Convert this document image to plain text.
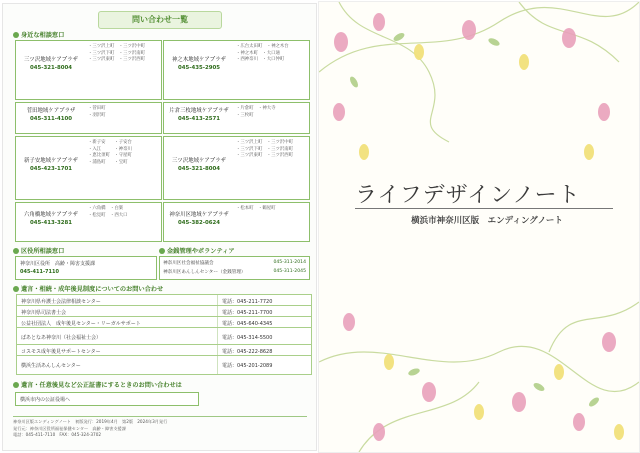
問い合わせ一覧
身近な相談窓口
三ツ沢地域ケアプラザ
045-321-8004
・三ツ沢上町　・三ツ沢中町
・三ツ沢下町　・三ツ沢南町
・三ツ沢東町　・三ツ沢西町	神之木地域ケアプラザ
045-435-2905
・広台太田町　・神之木台
・神之木町　・大口通
・西神奈川　・大口仲町
菅田地域ケアプラザ
045-311-4100
・菅田町
・羽沢町
片倉三枚地域ケアプラザ
045-413-2571
・片倉町　・神大寺
・三枚町
新子安地域ケアプラザ
045-423-1701
・新子安　　・子安台
・入江　　　・神奈川
・恵比須町　・守屋町
・浦島町　　・宝町	三ツ沢地域ケアプラザ
045-321-8004
・三ツ沢上町　・三ツ沢中町
・三ツ沢下町　・三ツ沢南町
・三ツ沢東町　・三ツ沢西町
六角橋地域ケアプラザ
045-413-3281
・六角橋　・白楽
・松見町　・西大口	神奈川区地域ケアプラザ
045-382-0624
・松本町　・鶴屋町
区役所相談窓口	金銭管理やボランティア
神奈川区役所　高齢・障害支援課
045-411-7110
神奈川区社会福祉協議会	045-311-2014
神奈川区あんしんセンター（金銭管理）	045-311-2045
遺言・相続・成年後見制度についてのお問い合わせ
神奈川県弁護士会法律相談センター	電話：045-211-7720
神奈川県司法書士会	電話：045-211-7700
公益社団法人　成年後見センター・リーガルサポート	電話：045-640-4345
ぱあとなあ神奈川（社会福祉士会）	電話：045-314-5500
コスモス成年後見サポートセンター	電話：045-222-8628
横浜生活あんしんセンター	電話：045-201-2089
遺言・任意後見など公正証書にするときのお問い合わせは
横浜市内の公証役場へ
神奈川区版エンディングノート　初版発行：2019年4月　第2版　2024年3月発行
発行元：神奈川区役所福祉保健センター　高齢・障害支援課
電話：045-411-7110　FAX：045-324-3702
ライフデザインノート
横浜市神奈川区版　エンディングノート
